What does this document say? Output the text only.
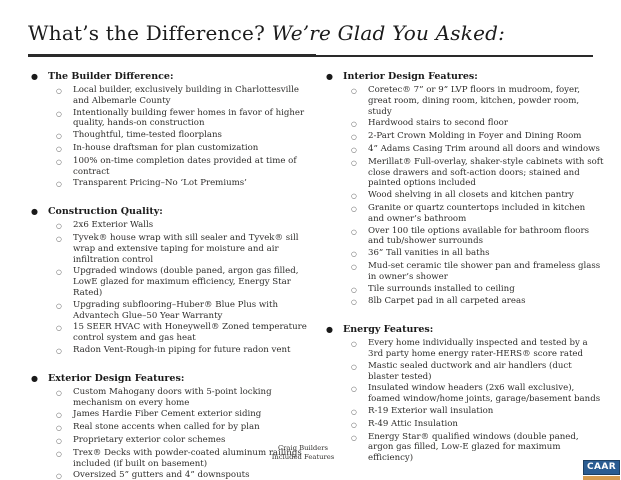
What’s the Difference? We’re Glad You Asked:
●	The Builder Difference:
○	Local builder, exclusively building in Charlottesville and Albemarle County
○	Intentionally building fewer homes in favor of higher quality, hands-on construction
○	Thoughtful, time-tested floorplans
○	In-house draftsman for plan customization
○	100% on-time completion dates provided at time of contract
○	Transparent Pricing–No ‘Lot Premiums’
●	Construction Quality:
○	2x6 Exterior Walls
○	Tyvek® house wrap with sill sealer and Tyvek® sill wrap and extensive taping for moisture and air infiltration control
○	Upgraded windows (double paned, argon gas filled, LowE glazed for maximum efficiency, Energy Star Rated)
○	Upgrading subflooring–Huber® Blue Plus with Advantech Glue–50 Year Warranty
○	15 SEER HVAC with Honeywell® Zoned temperature control system and gas heat
○	Radon Vent-Rough-in piping for future radon vent
●	Exterior Design Features:
○	Custom Mahogany doors with 5-point locking mechanism on every home
○	James Hardie Fiber Cement exterior siding
○	Real stone accents when called for by plan
○	Proprietary exterior color schemes
○	Trex® Decks with powder-coated aluminum railings included (if built on basement)
○	Oversized 5” gutters and 4” downspouts
●	Interior Design Features:
○	Coretec® 7” or 9” LVP floors in mudroom, foyer, great room, dining room, kitchen, powder room, study
○	Hardwood stairs to second floor
○	2-Part Crown Molding in Foyer and Dining Room
○	4” Adams Casing Trim around all doors and windows
○	Merillat® Full-overlay, shaker-style cabinets with soft close drawers and soft-action doors; stained and painted options included
○	Wood shelving in all closets and kitchen pantry
○	Granite or quartz countertops included in kitchen and owner’s bathroom
○	Over 100 tile options available for bathroom floors and tub/shower surrounds
○	36” Tall vanities in all baths
○	Mud-set ceramic tile shower pan and frameless glass in owner’s shower
○	Tile surrounds installed to ceiling
○	8lb Carpet pad in all carpeted areas
●	Energy Features:
○	Every home individually inspected and tested by a 3rd party home energy rater-HERS® score rated
○	Mastic sealed ductwork and air handlers (duct blaster tested)
○	Insulated window headers (2x6 wall exclusive), foamed window/home joints, garage/basement bands
○	R-19 Exterior wall insulation
○	R-49 Attic Insulation
○	Energy Star® qualified windows (double paned, argon gas filled, Low-E glazed for maximum efficiency)
Craig Builders
Included Features
CAAR
